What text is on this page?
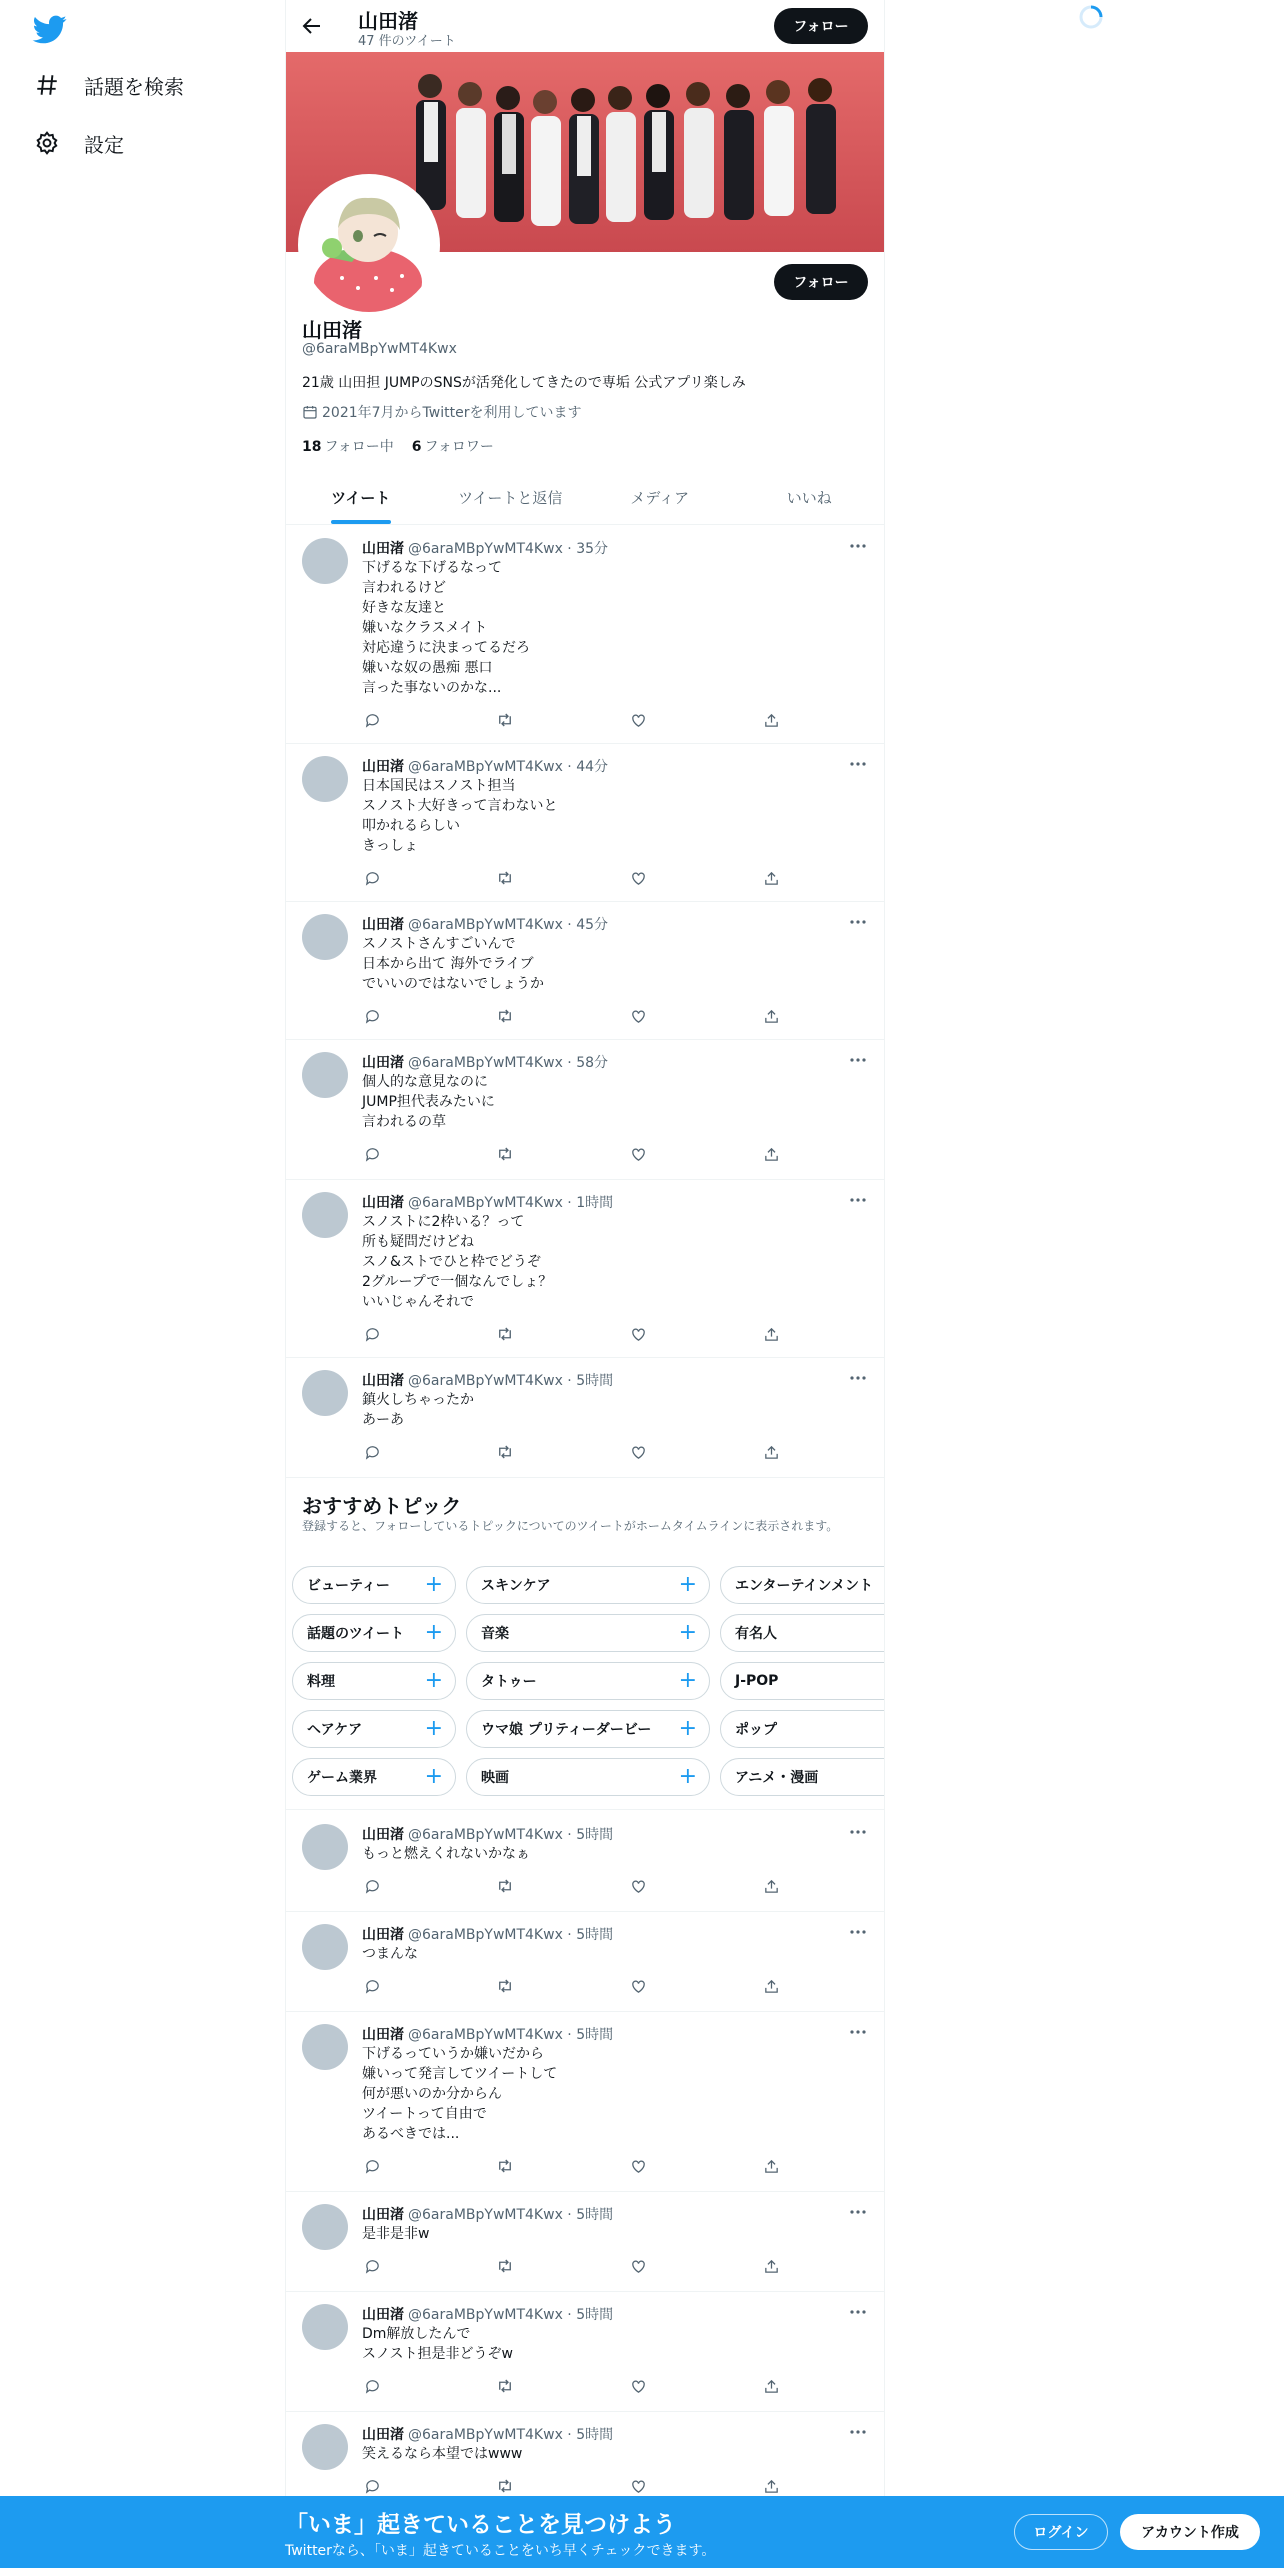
話題を検索
設定
山田渚
47 件のツイート
フォロー
フォロー
山田渚
@6araMBpYwMT4Kwx
21歳 山田担 JUMPのSNSが活発化してきたので専垢 公式アプリ楽しみ
2021年7月からTwitterを利用しています
18 フォロー中 6 フォロワー
ツイート	ツイートと返信	メディア	いいね
山田渚 @6araMBpYwMT4Kwx · 35分
下げるな下げるなって
言われるけど
好きな友達と
嫌いなクラスメイト
対応違うに決まってるだろ
嫌いな奴の愚痴 悪口
言った事ないのかな...
山田渚 @6araMBpYwMT4Kwx · 44分
日本国民はスノスト担当
スノスト大好きって言わないと
叩かれるらしい
きっしょ
山田渚 @6araMBpYwMT4Kwx · 45分
スノストさんすごいんで
日本から出て 海外でライブ
でいいのではないでしょうか
山田渚 @6araMBpYwMT4Kwx · 58分
個人的な意見なのに
JUMP担代表みたいに
言われるの草
山田渚 @6araMBpYwMT4Kwx · 1時間
スノストに2枠いる？って
所も疑問だけどね
スノ&ストでひと枠でどうぞ
2グループで一個なんでしょ？
いいじゃんそれで
山田渚 @6araMBpYwMT4Kwx · 5時間
鎮火しちゃったか
あーあ
山田渚 @6araMBpYwMT4Kwx · 5時間
もっと燃えくれないかなぁ
山田渚 @6araMBpYwMT4Kwx · 5時間
つまんな
山田渚 @6araMBpYwMT4Kwx · 5時間
下げるっていうか嫌いだから
嫌いって発言してツイートして
何が悪いのか分からん
ツイートって自由で
あるべきでは...
山田渚 @6araMBpYwMT4Kwx · 5時間
是非是非w
山田渚 @6araMBpYwMT4Kwx · 5時間
Dm解放したんで
スノスト担是非どうぞw
山田渚 @6araMBpYwMT4Kwx · 5時間
笑えるなら本望ではwww
おすすめトピック
登録すると、フォローしているトピックについてのツイートがホームタイムラインに表示されます。
ビューティー +	スキンケア	+	エンターテインメント
話題のツイート +	音楽	+	有名人
料理	+	タトゥー	+	J-POP
ヘアケア	+	ウマ娘 プリティーダービー +	ポップ
ゲーム業界 +	映画	+	アニメ・漫画
「いま」起きていることを見つけよう
Twitterなら、「いま」起きていることをいち早くチェックできます。
ログイン	アカウント作成
